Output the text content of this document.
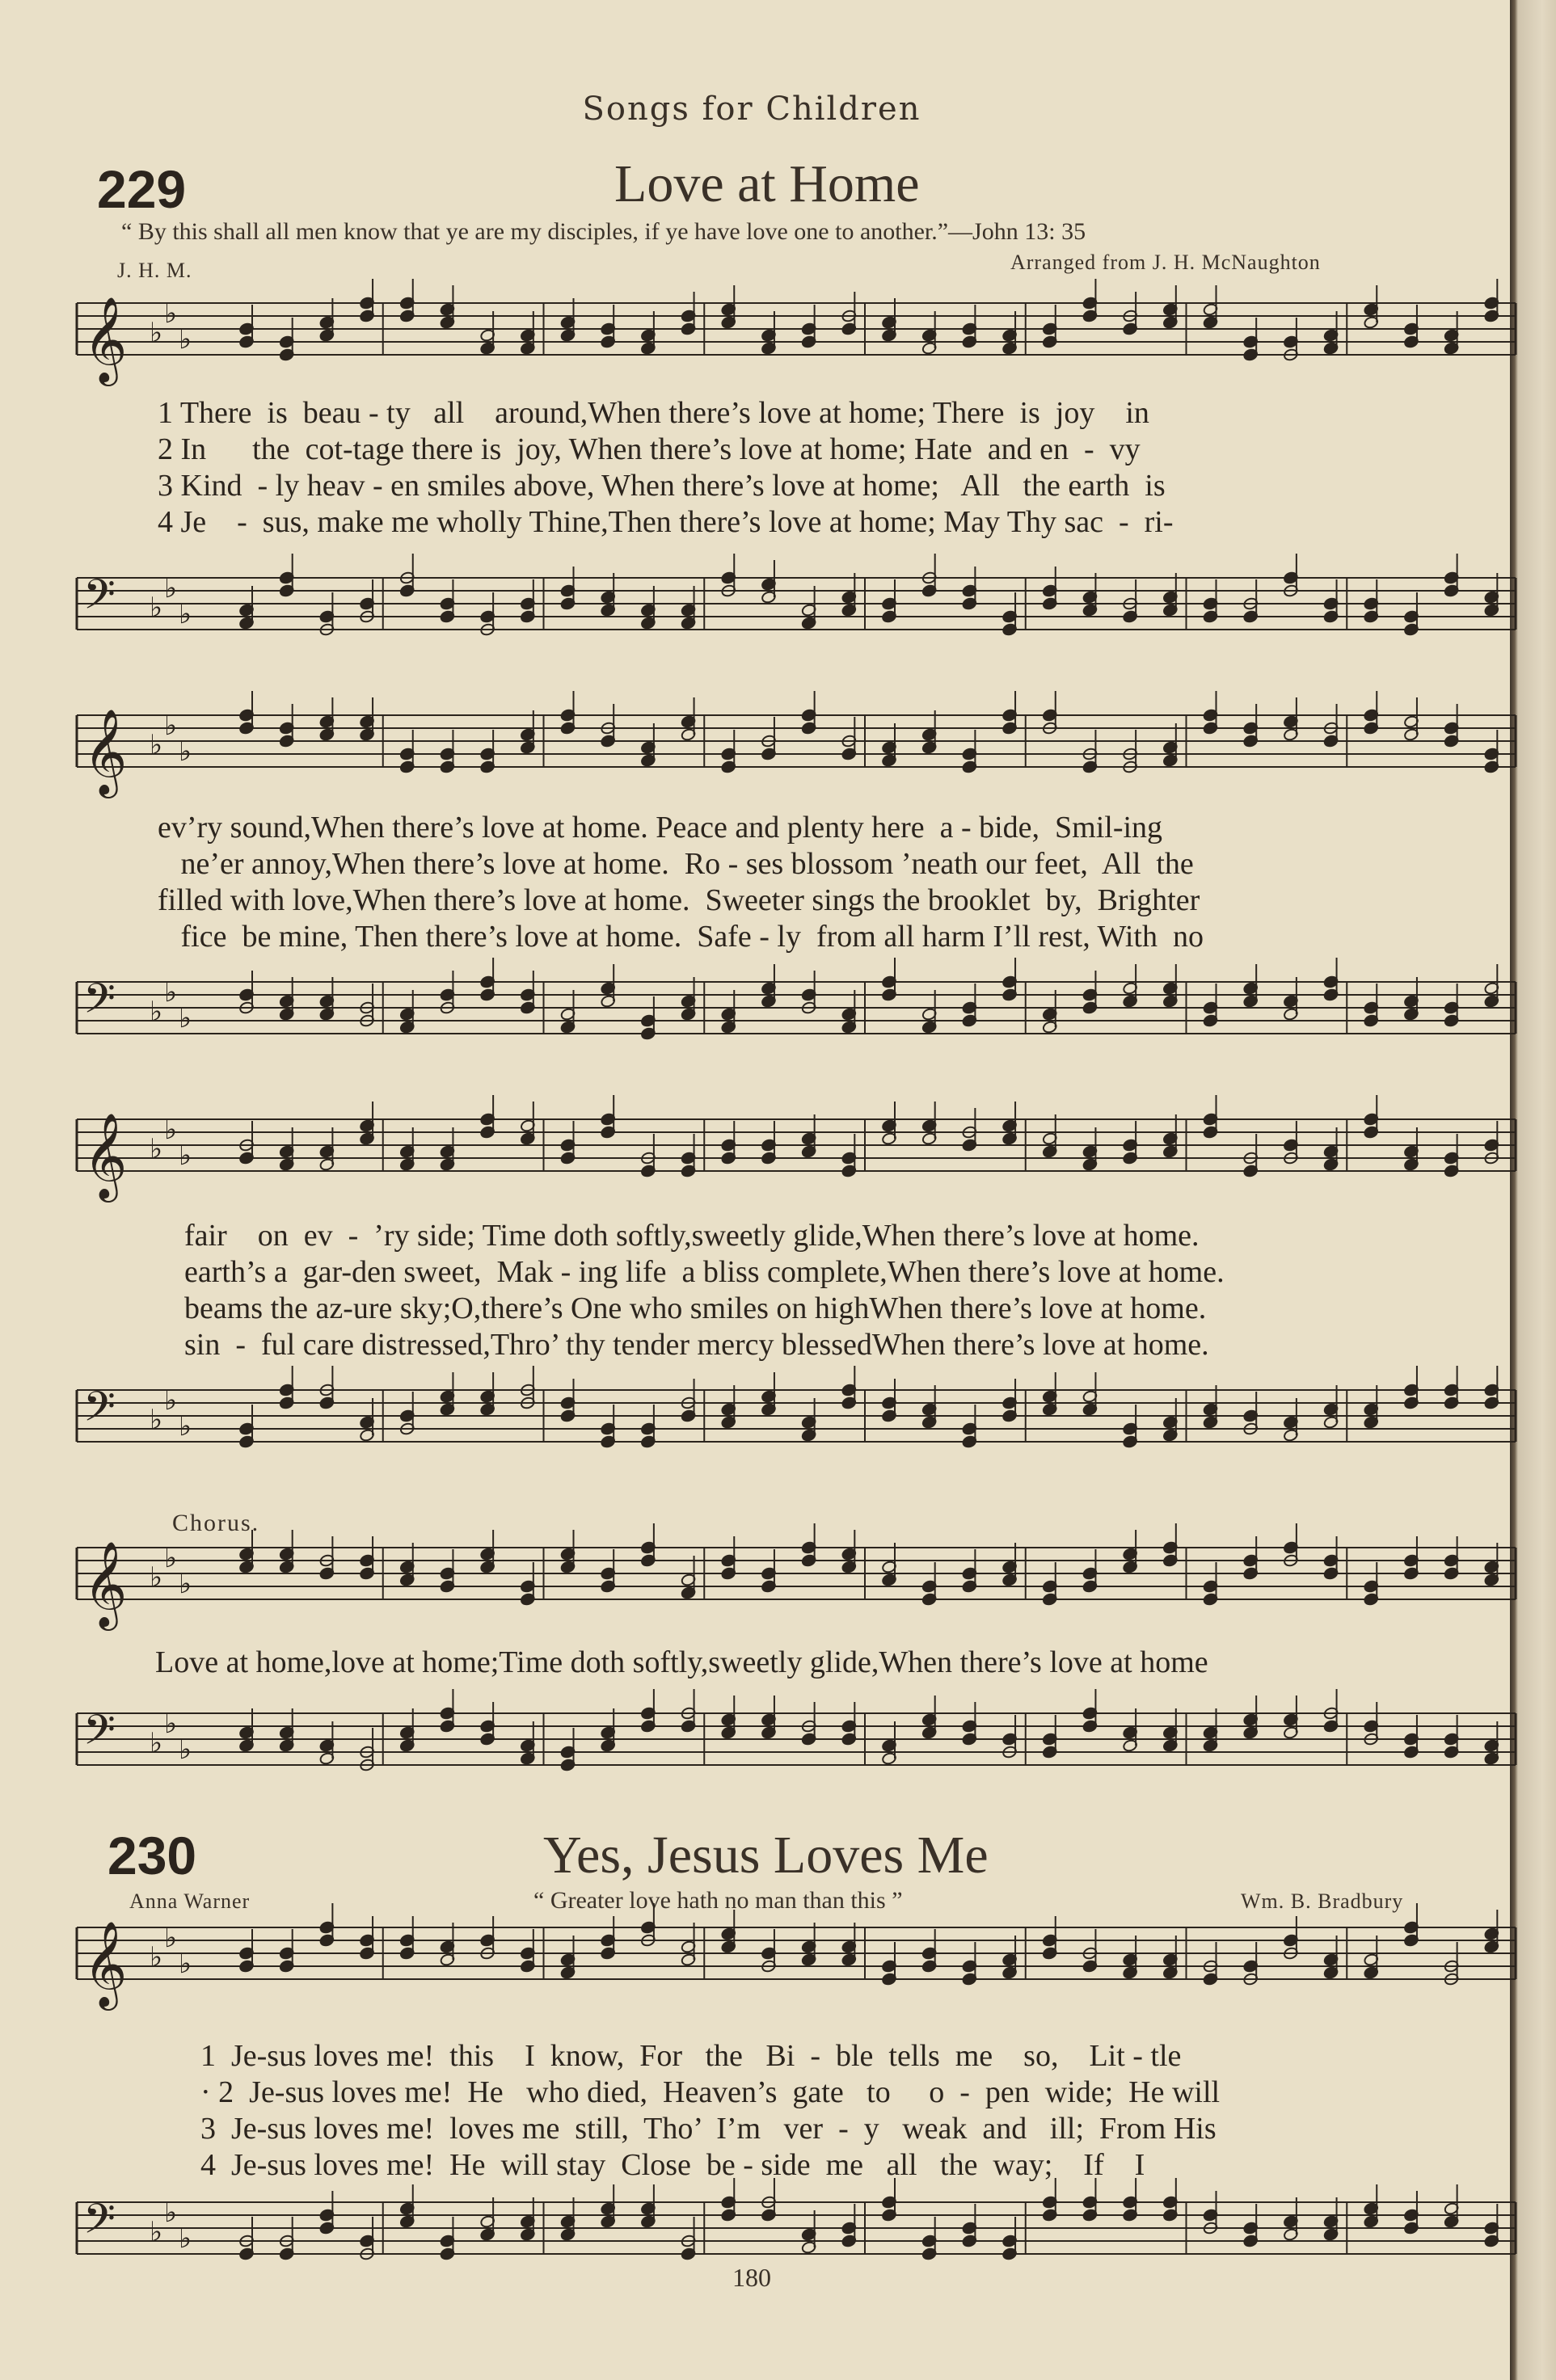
Songs for Children
229	Love at Home
“ By this shall all men know that ye are my disciples, if ye have love one to another.”—John 13: 35
J. H. M.	Arranged from J. H. McNaughton
𝄞 ♭
♭
♭
1 There  is  beau - ty   all    around,When there’s love at home; There  is  joy    in
2 In      the  cot-tage there is  joy, When there’s love at home; Hate  and en  -  vy
3 Kind  - ly heav - en smiles above, When there’s love at home;   All   the earth  is
4 Je    -  sus, make me wholly Thine,Then there’s love at home; May Thy sac  -  ri-
𝄢 ♭
♭
♭
𝄞 ♭
♭
♭
ev’ry sound,When there’s love at home. Peace and plenty here  a - bide,  Smil-ing
ne’er annoy,When there’s love at home.  Ro - ses blossom ’neath our feet,  All  the
filled with love,When there’s love at home.  Sweeter sings the brooklet  by,  Brighter
fice  be mine, Then there’s love at home.  Safe - ly  from all harm I’ll rest, With  no
𝄢 ♭
♭
♭
𝄞 ♭
♭
♭
fair    on  ev  -  ’ry side; Time doth softly,sweetly glide,When there’s love at home.
earth’s a  gar-den sweet,  Mak - ing life  a bliss complete,When there’s love at home.
beams the az-ure sky;O,there’s One who smiles on highWhen there’s love at home.
sin  -  ful care distressed,Thro’ thy tender mercy blessedWhen there’s love at home.
𝄢 ♭
♭
♭
Chorus.
𝄞 ♭
♭
♭
Love at home,love at home;Time doth softly,sweetly glide,When there’s love at home
𝄢 ♭
♭
♭
230	Yes, Jesus Loves Me
Anna Warner	“ Greater love hath no man than this ”	Wm. B. Bradbury
𝄞 ♭
♭
♭
1  Je-sus loves me!  this    I  know,  For   the   Bi  -  ble  tells  me    so,    Lit - tle
· 2  Je-sus loves me!  He   who died,  Heaven’s  gate   to     o  -  pen  wide;  He will
3  Je-sus loves me!  loves me  still,  Tho’  I’m   ver  -  y   weak  and   ill;  From His
4  Je-sus loves me!  He  will stay  Close  be - side  me   all   the  way;    If    I
𝄢 ♭
♭
♭
180
